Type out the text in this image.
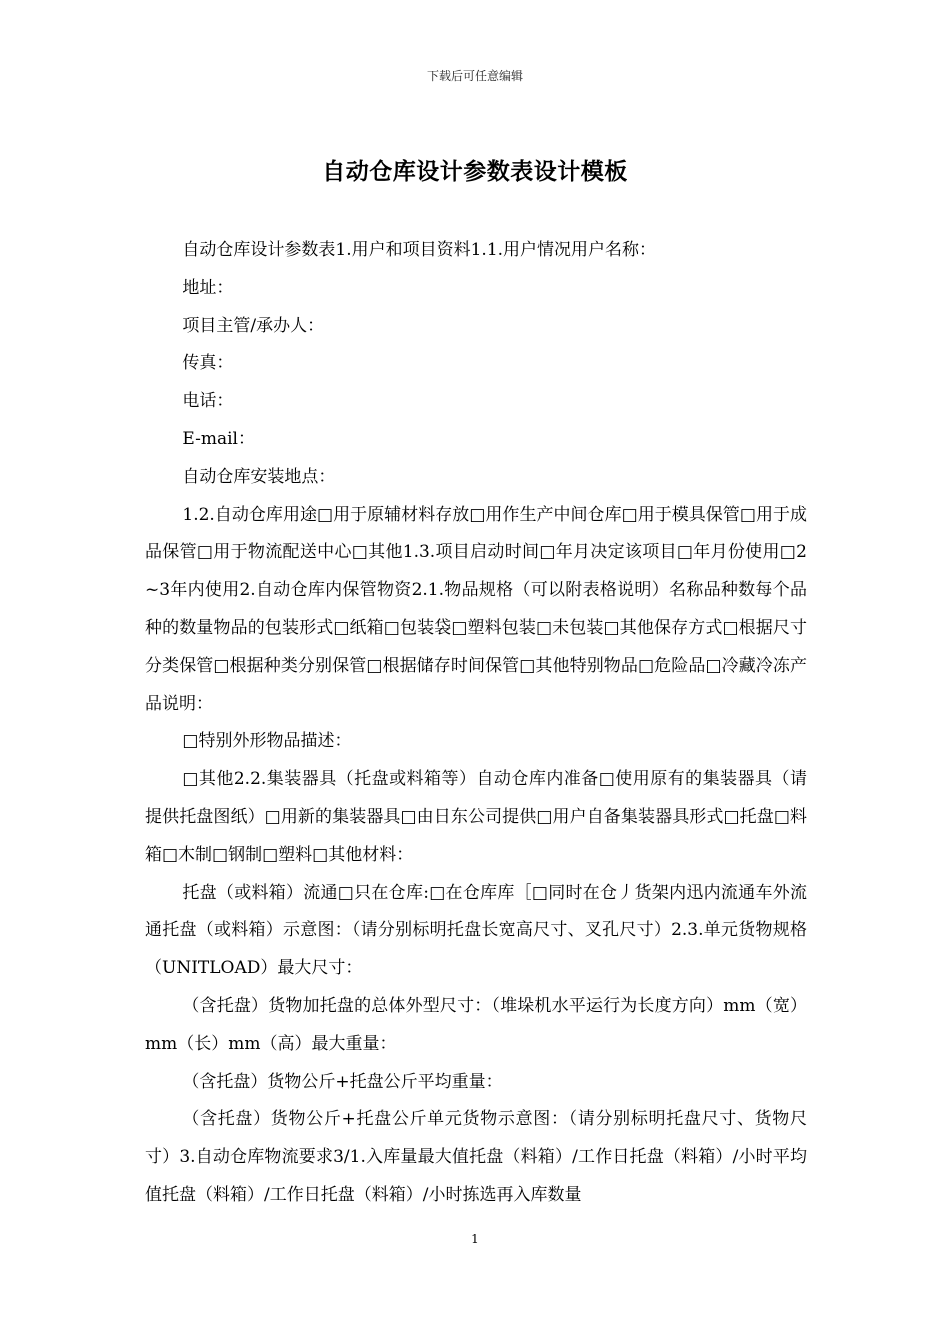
下载后可任意编辑
自动仓库设计参数表设计模板

自动仓库设计参数表1.用户和项目资料1.1.用户情况用户名称：

地址：

项目主管/承办人：

传真：

电话：

E-mail：

自动仓库安装地点：

1.2.自动仓库用途□用于原辅材料存放□用作生产中间仓库□用于模具保管□用于成品保管□用于物流配送中心□其他1.3.项目启动时间□年月决定该项目□年月份使用□2~3年内使用2.自动仓库内保管物资2.1.物品规格（可以附表格说明）名称品种数每个品种的数量物品的包装形式□纸箱□包装袋□塑料包装□未包装□其他保存方式□根据尺寸分类保管□根据种类分别保管□根据储存时间保管□其他特别物品□危险品□冷藏冷冻产品说明：

□特别外形物品描述：

□其他2.2.集装器具（托盘或料箱等）自动仓库内准备□使用原有的集装器具（请提供托盘图纸）□用新的集装器具□由日东公司提供□用户自备集装器具形式□托盘□料箱□木制□钢制□塑料□其他材料：

托盘（或料箱）流通□只在仓库:□在仓库库［□同时在仓丿货架内迅内流通车外流通托盘（或料箱）示意图：（请分别标明托盘长宽高尺寸、叉孔尺寸）2.3.单元货物规格（UNITLOAD）最大尺寸：

（含托盘）货物加托盘的总体外型尺寸：（堆垛机水平运行为长度方向）mm（宽）mm（长）mm（高）最大重量：

（含托盘）货物公斤+托盘公斤平均重量：

（含托盘）货物公斤+托盘公斤单元货物示意图：（请分别标明托盘尺寸、货物尺寸）3.自动仓库物流要求3/1.入库量最大值托盘（料箱）/工作日托盘（料箱）/小时平均值托盘（料箱）/工作日托盘（料箱）/小时拣选再入库数量

1
